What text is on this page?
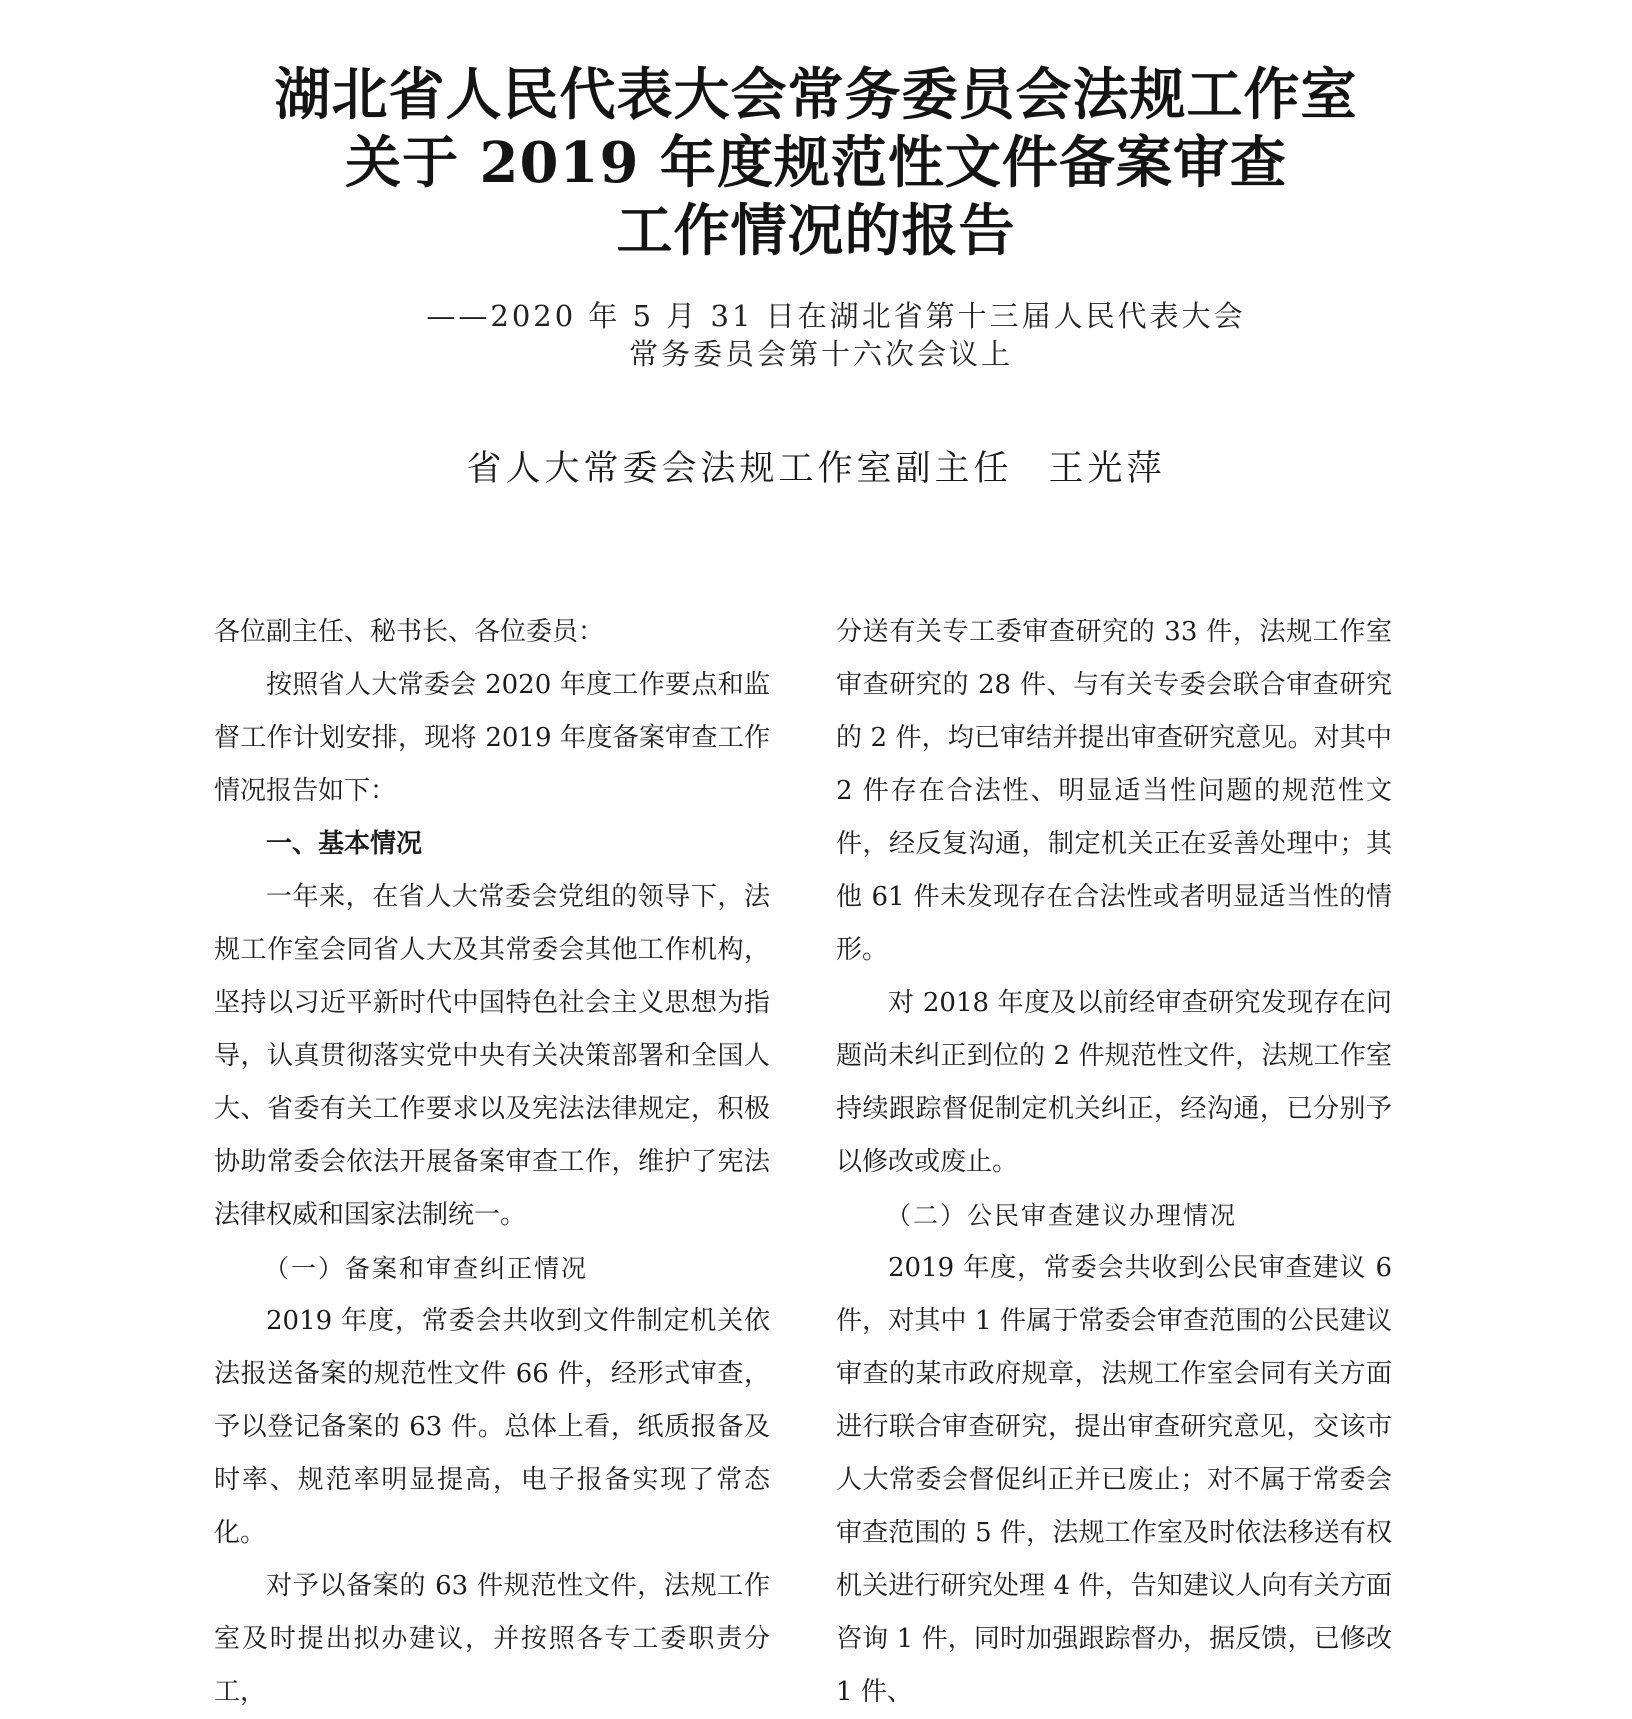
湖北省人民代表大会常务委员会法规工作室
关于 2019 年度规范性文件备案审查
工作情况的报告
——2020 年 5 月 31 日在湖北省第十三届人民代表大会
常务委员会第十六次会议上
省人大常委会法规工作室副主任 王光萍

各位副主任、秘书长、各位委员：

按照省人大常委会 2020 年度工作要点和监督工作计划安排，现将 2019 年度备案审查工作情况报告如下：

一、基本情况

一年来，在省人大常委会党组的领导下，法规工作室会同省人大及其常委会其他工作机构，坚持以习近平新时代中国特色社会主义思想为指导，认真贯彻落实党中央有关决策部署和全国人大、省委有关工作要求以及宪法法律规定，积极协助常委会依法开展备案审查工作，维护了宪法法律权威和国家法制统一。

（一）备案和审查纠正情况

2019 年度，常委会共收到文件制定机关依法报送备案的规范性文件 66 件，经形式审查，予以登记备案的 63 件。总体上看，纸质报备及时率、规范率明显提高，电子报备实现了常态化。

对予以备案的 63 件规范性文件，法规工作室及时提出拟办建议，并按照各专工委职责分工，

分送有关专工委审查研究的 33 件，法规工作室审查研究的 28 件、与有关专委会联合审查研究的 2 件，均已审结并提出审查研究意见。对其中 2 件存在合法性、明显适当性问题的规范性文件，经反复沟通，制定机关正在妥善处理中；其他 61 件未发现存在合法性或者明显适当性的情形。

对 2018 年度及以前经审查研究发现存在问题尚未纠正到位的 2 件规范性文件，法规工作室持续跟踪督促制定机关纠正，经沟通，已分别予以修改或废止。

（二）公民审查建议办理情况

2019 年度，常委会共收到公民审查建议 6 件，对其中 1 件属于常委会审查范围的公民建议审查的某市政府规章，法规工作室会同有关方面进行联合审查研究，提出审查研究意见，交该市人大常委会督促纠正并已废止；对不属于常委会审查范围的 5 件，法规工作室及时依法移送有权机关进行研究处理 4 件，告知建议人向有关方面咨询 1 件，同时加强跟踪督办，据反馈，已修改 1 件、
